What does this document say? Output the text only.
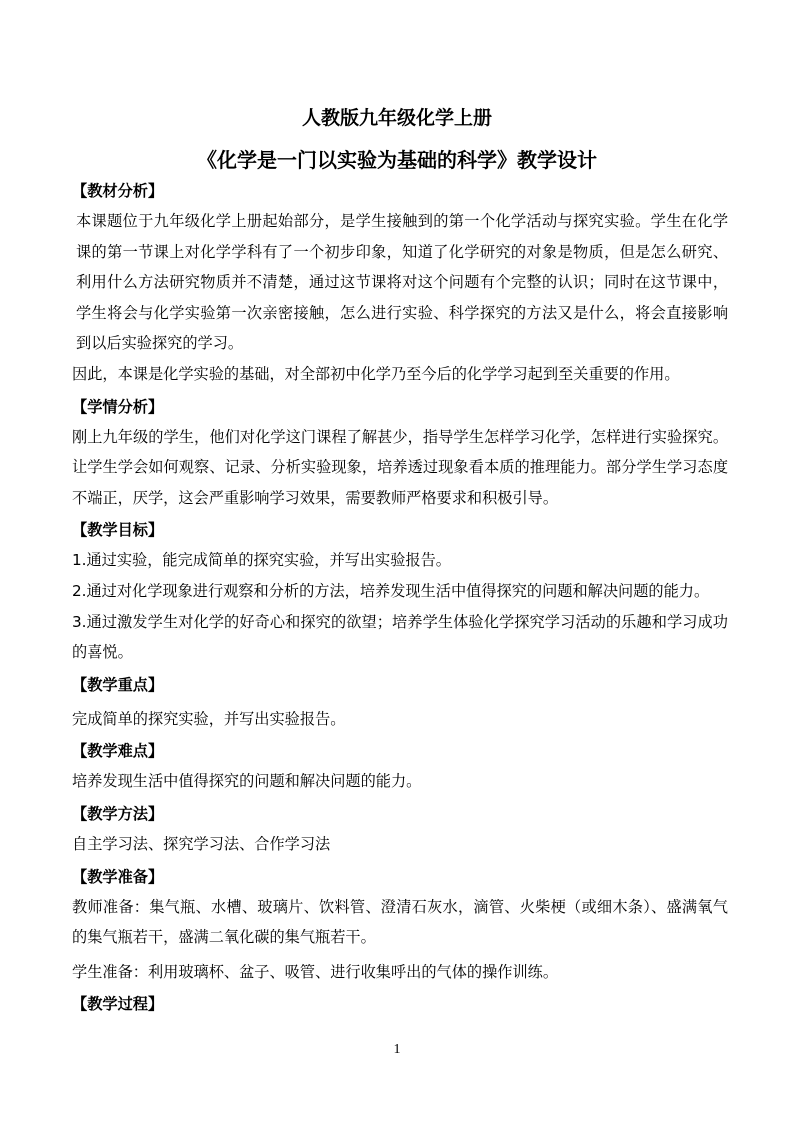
人教版九年级化学上册
《化学是一门以实验为基础的科学》教学设计
【教材分析】
本课题位于九年级化学上册起始部分，是学生接触到的第一个化学活动与探究实验。学生在化学课的第一节课上对化学学科有了一个初步印象，知道了化学研究的对象是物质，但是怎么研究、利用什么方法研究物质并不清楚，通过这节课将对这个问题有个完整的认识；同时在这节课中，学生将会与化学实验第一次亲密接触，怎么进行实验、科学探究的方法又是什么，将会直接影响到以后实验探究的学习。
因此，本课是化学实验的基础，对全部初中化学乃至今后的化学学习起到至关重要的作用。
【学情分析】
刚上九年级的学生，他们对化学这门课程了解甚少，指导学生怎样学习化学，怎样进行实验探究。让学生学会如何观察、记录、分析实验现象，培养透过现象看本质的推理能力。部分学生学习态度不端正，厌学，这会严重影响学习效果，需要教师严格要求和积极引导。
【教学目标】
1.通过实验，能完成简单的探究实验，并写出实验报告。
2.通过对化学现象进行观察和分析的方法，培养发现生活中值得探究的问题和解决问题的能力。
3.通过激发学生对化学的好奇心和探究的欲望；培养学生体验化学探究学习活动的乐趣和学习成功的喜悦。
【教学重点】
完成简单的探究实验，并写出实验报告。
【教学难点】
培养发现生活中值得探究的问题和解决问题的能力。
【教学方法】
自主学习法、探究学习法、合作学习法
【教学准备】
教师准备：集气瓶、水槽、玻璃片、饮料管、澄清石灰水，滴管、火柴梗（或细木条）、盛满氧气的集气瓶若干，盛满二氧化碳的集气瓶若干。
学生准备：利用玻璃杯、盆子、吸管、进行收集呼出的气体的操作训练。
【教学过程】
1
